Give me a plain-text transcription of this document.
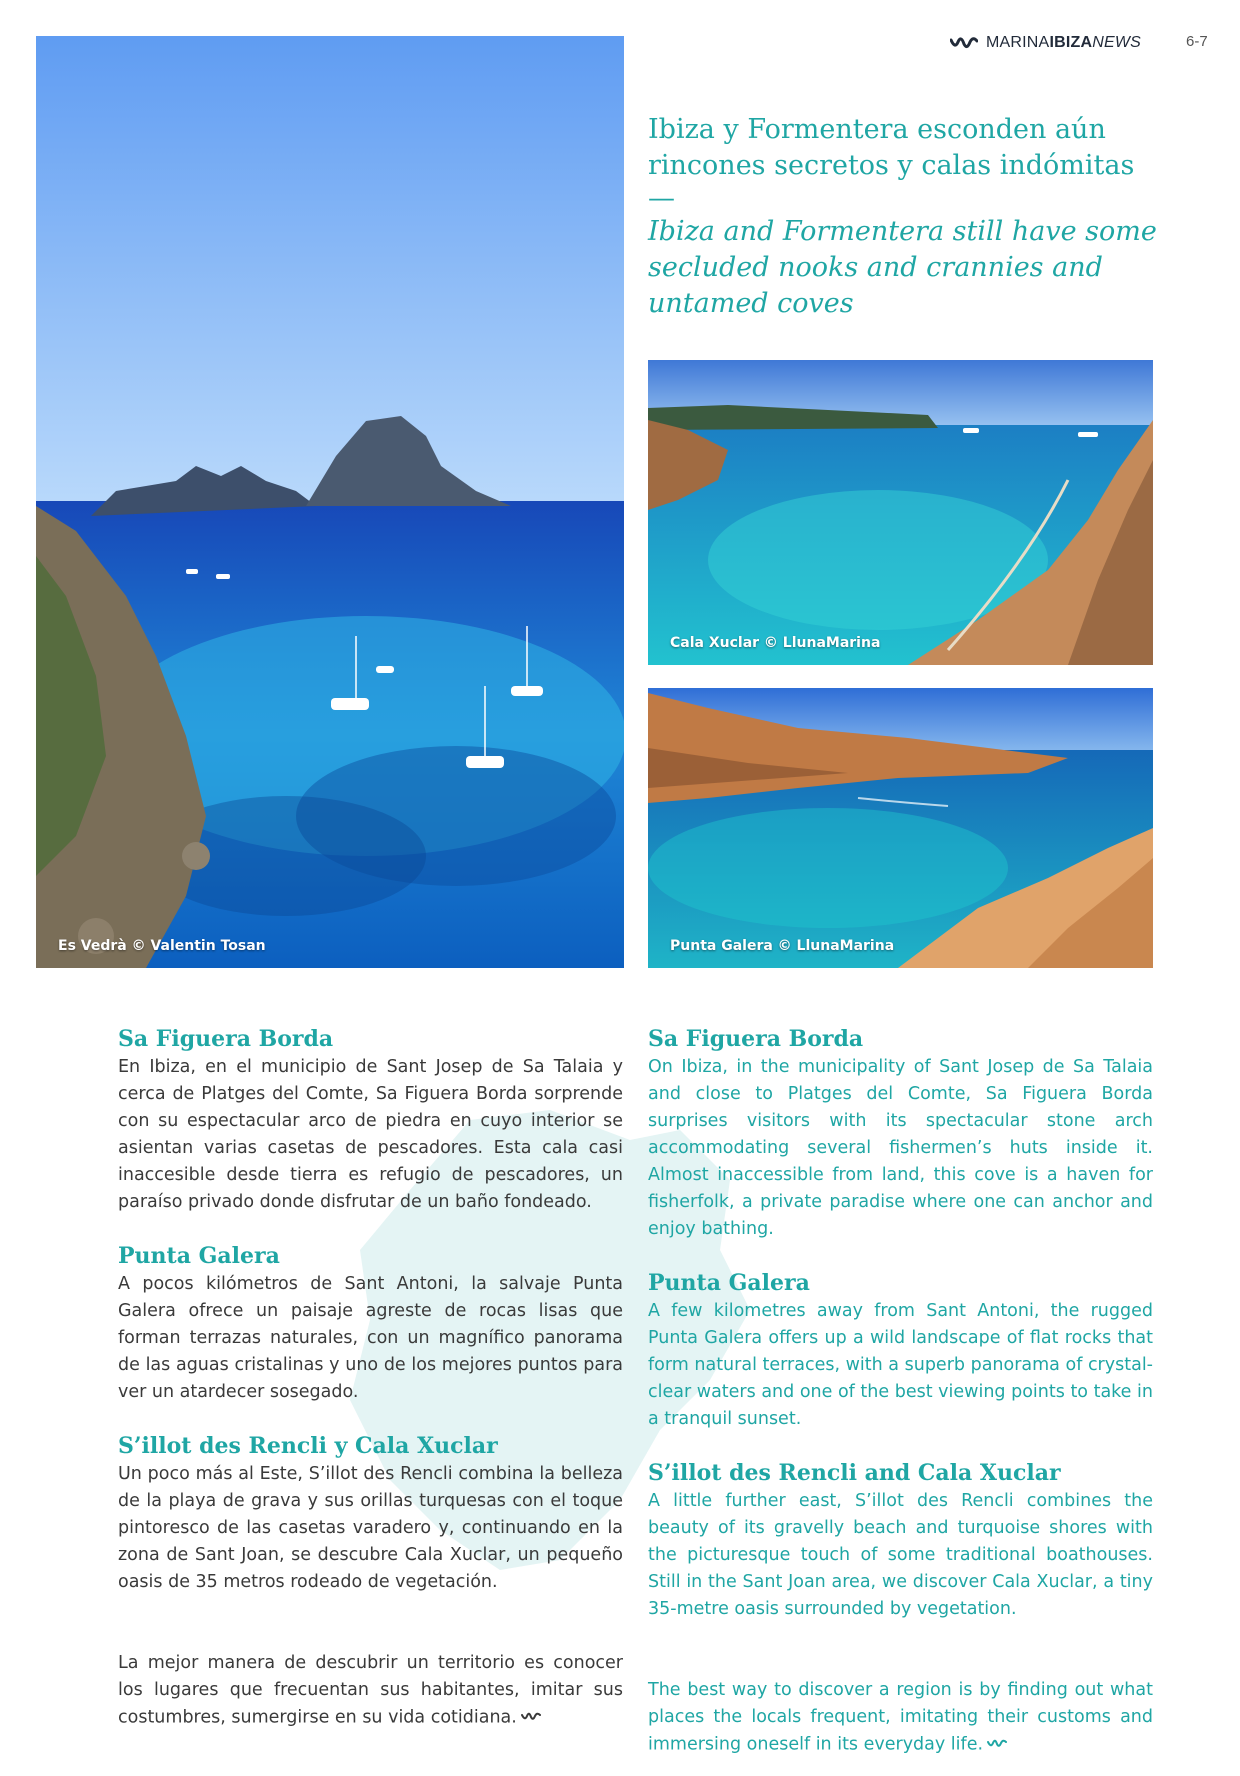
MARINAIBIZANEWS	6-7
Es Vedrà © Valentin Tosan
Ibiza y Formentera esconden aún rincones secretos y calas indómitas
—
Ibiza and Formentera still have some secluded nooks and crannies and untamed coves
Cala Xuclar © LlunaMarina
Punta Galera © LlunaMarina
Sa Figuera Borda

En Ibiza, en el municipio de Sant Josep de Sa Talaia y cerca de Platges del Comte, Sa Figuera Borda sorprende con su espectacular arco de piedra en cuyo interior se asientan varias casetas de pescadores. Esta cala casi inaccesible desde tierra es refugio de pescadores, un paraíso privado donde disfrutar de un baño fondeado.

Punta Galera

A pocos kilómetros de Sant Antoni, la salvaje Punta Galera ofrece un paisaje agreste de rocas lisas que forman terrazas naturales, con un magnífico panorama de las aguas cristalinas y uno de los mejores puntos para ver un atardecer sosegado.

S’illot des Rencli y Cala Xuclar

Un poco más al Este, S’illot des Rencli combina la belleza de la playa de grava y sus orillas turquesas con el toque pintoresco de las casetas varadero y, continuando en la zona de Sant Joan, se descubre Cala Xuclar, un pequeño oasis de 35 metros rodeado de vegetación.

La mejor manera de descubrir un territorio es conocer los lugares que frecuentan sus habitantes, imitar sus costumbres, sumergirse en su vida cotidiana.

Sa Figuera Borda

On Ibiza, in the municipality of Sant Josep de Sa Talaia and close to Platges del Comte, Sa Figuera Borda surprises visitors with its spectacular stone arch accommodating several fishermen’s huts inside it. Almost inaccessible from land, this cove is a haven for fisherfolk, a private paradise where one can anchor and enjoy bathing.

Punta Galera

A few kilometres away from Sant Antoni, the rugged Punta Galera offers up a wild landscape of flat rocks that form natural terraces, with a superb panorama of crystal-clear waters and one of the best viewing points to take in a tranquil sunset.

S’illot des Rencli and Cala Xuclar

A little further east, S’illot des Rencli combines the beauty of its gravelly beach and turquoise shores with the picturesque touch of some traditional boathouses. Still in the Sant Joan area, we discover Cala Xuclar, a tiny 35-metre oasis surrounded by vegetation.

The best way to discover a region is by finding out what places the locals frequent, imitating their customs and immersing oneself in its everyday life.
